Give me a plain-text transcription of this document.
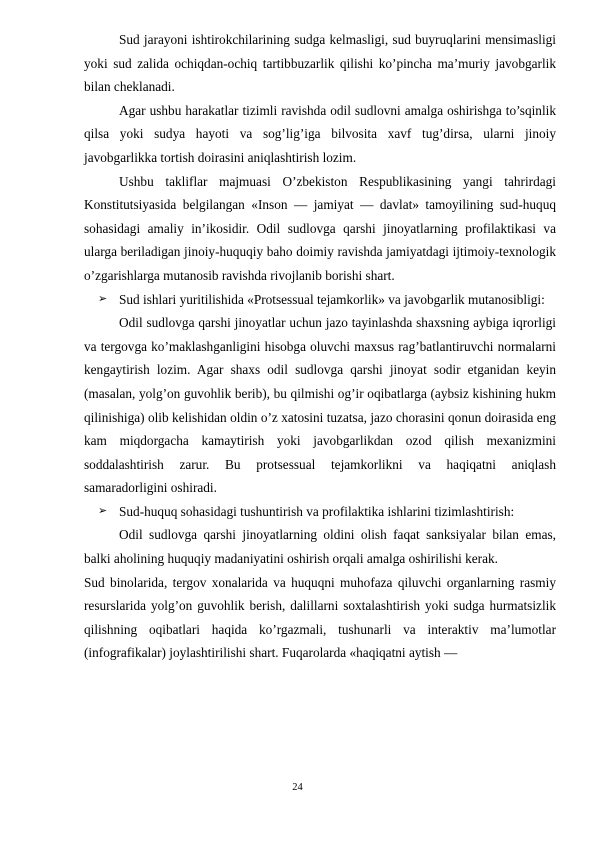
Sud jarayoni ishtirokchilarining sudga kelmasligi, sud buyruqlarini mensimasligi yoki sud zalida ochiqdan-ochiq tartibbuzarlik qilishi ko’pincha ma’muriy javobgarlik bilan cheklanadi.

Agar ushbu harakatlar tizimli ravishda odil sudlovni amalga oshirishga to’sqinlik qilsa yoki sudya hayoti va sog’lig’iga bilvosita xavf tug’dirsa, ularni jinoiy javobgarlikka tortish doirasini aniqlashtirish lozim.

Ushbu takliflar majmuasi O’zbekiston Respublikasining yangi tahrirdagi Konstitutsiyasida belgilangan «Inson — jamiyat — davlat» tamoyilining sud-huquq sohasidagi amaliy in’ikosidir. Odil sudlovga qarshi jinoyatlarning profilaktikasi va ularga beriladigan jinoiy-huquqiy baho doimiy ravishda jamiyatdagi ijtimoiy-texnologik o’zgarishlarga mutanosib ravishda rivojlanib borishi shart.

➢ Sud ishlari yuritilishida «Protsessual tejamkorlik» va javobgarlik mutanosibligi:

Odil sudlovga qarshi jinoyatlar uchun jazo tayinlashda shaxsning aybiga iqrorligi va tergovga ko’maklashganligini hisobga oluvchi maxsus rag’batlantiruvchi normalarni kengaytirish lozim. Agar shaxs odil sudlovga qarshi jinoyat sodir etganidan keyin (masalan, yolg’on guvohlik berib), bu qilmishi og’ir oqibatlarga (aybsiz kishining hukm qilinishiga) olib kelishidan oldin o’z xatosini tuzatsa, jazo chorasini qonun doirasida eng kam miqdorgacha kamaytirish yoki javobgarlikdan ozod qilish mexanizmini soddalashtirish zarur. Bu protsessual tejamkorlikni va haqiqatni aniqlash samaradorligini oshiradi.

➢ Sud-huquq sohasidagi tushuntirish va profilaktika ishlarini tizimlashtirish:

Odil sudlovga qarshi jinoyatlarning oldini olish faqat sanksiyalar bilan emas, balki aholining huquqiy madaniyatini oshirish orqali amalga oshirilishi kerak.

Sud binolarida, tergov xonalarida va huquqni muhofaza qiluvchi organlarning rasmiy resurslarida yolg’on guvohlik berish, dalillarni soxtalashtirish yoki sudga hurmatsizlik qilishning oqibatlari haqida ko’rgazmali, tushunarli va interaktiv ma’lumotlar (infografikalar) joylashtirilishi shart. Fuqarolarda «haqiqatni aytish —

24
